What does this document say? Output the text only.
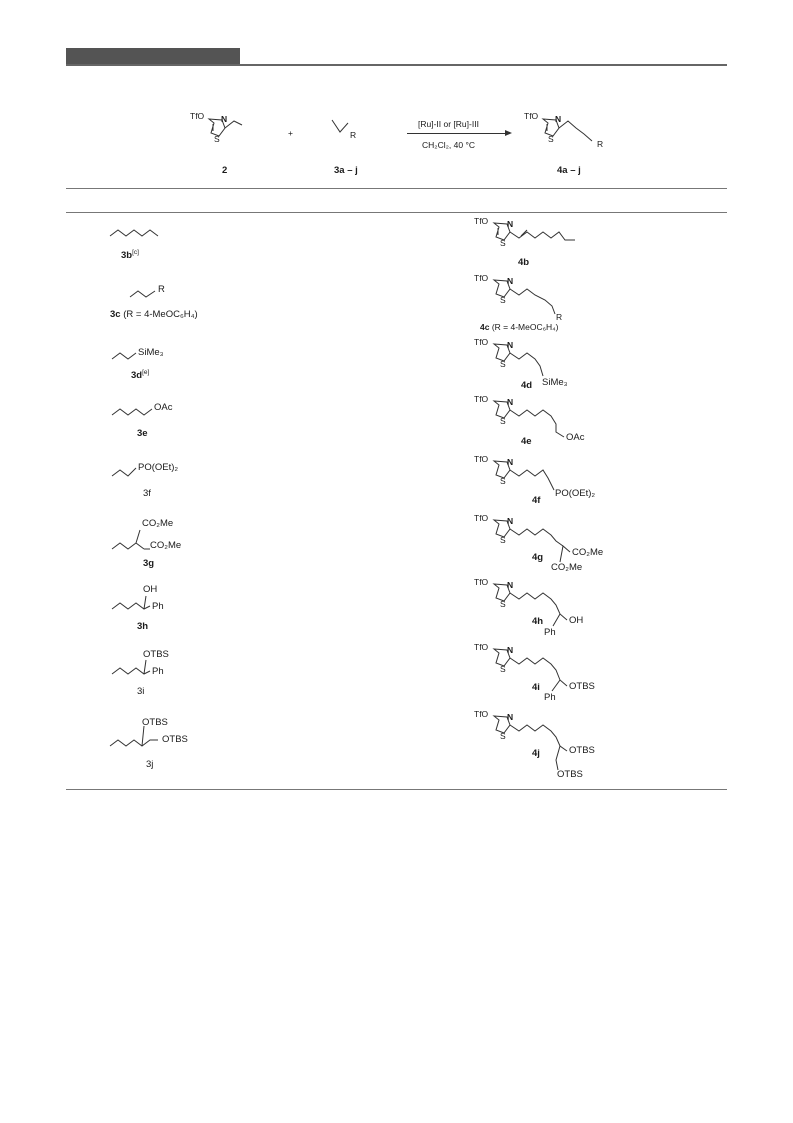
TfO N
S
2
+	R
3a – j
[Ru]-II or [Ru]-III
CH₂Cl₂, 40 °C
TfO N
S	R
4a – j
3b[c]
R
3c (R = 4-MeOC₆H₄)
SiMe₃
3d[e]
OAc
3e
PO(OEt)₂
3f
CO₂Me
CO₂Me
3g
OH
Ph
3h
OTBS
Ph
3i
OTBS
OTBS
3j
TfO N
S
4b
TfO N
S
R
4c (R = 4-MeOC₆H₄)
TfO N
S
SiMe₃
4d
TfO N
S
OAc
4e
TfO N
S
PO(OEt)₂
4f
TfO N
S
CO₂Me
CO₂Me
4g
TfO N
S
OH
Ph
4h
TfO N
S
OTBS
Ph
4i
TfO N
S
OTBS
OTBS
4j
